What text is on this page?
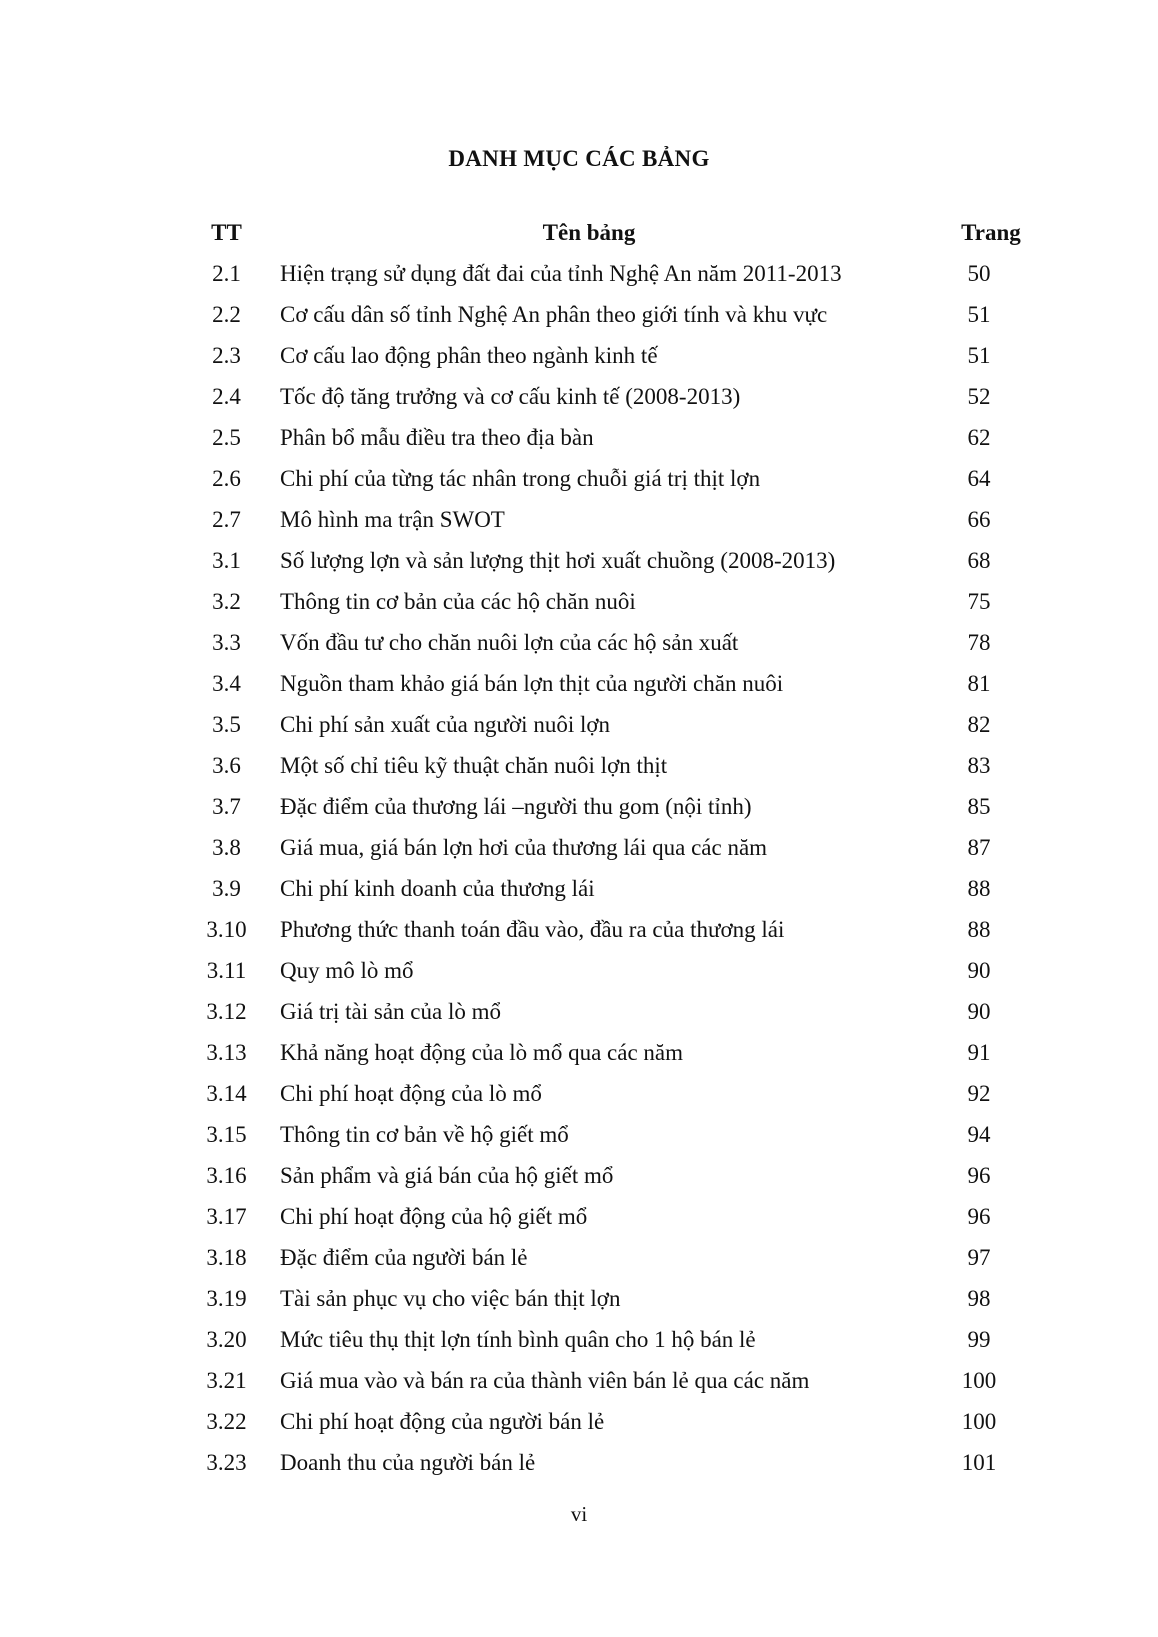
DANH MỤC CÁC BẢNG
TT	Tên bảng	Trang
2.1	Hiện trạng sử dụng đất đai của tỉnh Nghệ An năm 2011-2013	50
2.2	Cơ cấu dân số tỉnh Nghệ An phân theo giới tính và khu vực	51
2.3	Cơ cấu lao động phân theo ngành kinh tế	51
2.4	Tốc độ tăng trưởng và cơ cấu kinh tế (2008-2013)	52
2.5	Phân bổ mẫu điều tra theo địa bàn	62
2.6	Chi phí của từng tác nhân trong chuỗi giá trị thịt lợn	64
2.7	Mô hình ma trận SWOT	66
3.1	Số lượng lợn và sản lượng thịt hơi xuất chuồng (2008-2013)	68
3.2	Thông tin cơ bản của các hộ chăn nuôi	75
3.3	Vốn đầu tư cho chăn nuôi lợn của các hộ sản xuất	78
3.4	Nguồn tham khảo giá bán lợn thịt của người chăn nuôi	81
3.5	Chi phí sản xuất của người nuôi lợn	82
3.6	Một số chỉ tiêu kỹ thuật chăn nuôi lợn thịt	83
3.7	Đặc điểm của thương lái –người thu gom (nội tỉnh)	85
3.8	Giá mua, giá bán lợn hơi của thương lái qua các năm	87
3.9	Chi phí kinh doanh của thương lái	88
3.10 Phương thức thanh toán đầu vào, đầu ra của thương lái	88
3.11 Quy mô lò mổ	90
3.12 Giá trị tài sản của lò mổ	90
3.13 Khả năng hoạt động của lò mổ qua các năm	91
3.14 Chi phí hoạt động của lò mổ	92
3.15 Thông tin cơ bản về hộ giết mổ	94
3.16 Sản phẩm và giá bán của hộ giết mổ	96
3.17 Chi phí hoạt động của hộ giết mổ	96
3.18 Đặc điểm của người bán lẻ	97
3.19 Tài sản phục vụ cho việc bán thịt lợn	98
3.20 Mức tiêu thụ thịt lợn tính bình quân cho 1 hộ bán lẻ	99
3.21 Giá mua vào và bán ra của thành viên bán lẻ qua các năm	100
3.22 Chi phí hoạt động của người bán lẻ	100
3.23 Doanh thu của người bán lẻ	101
vi
